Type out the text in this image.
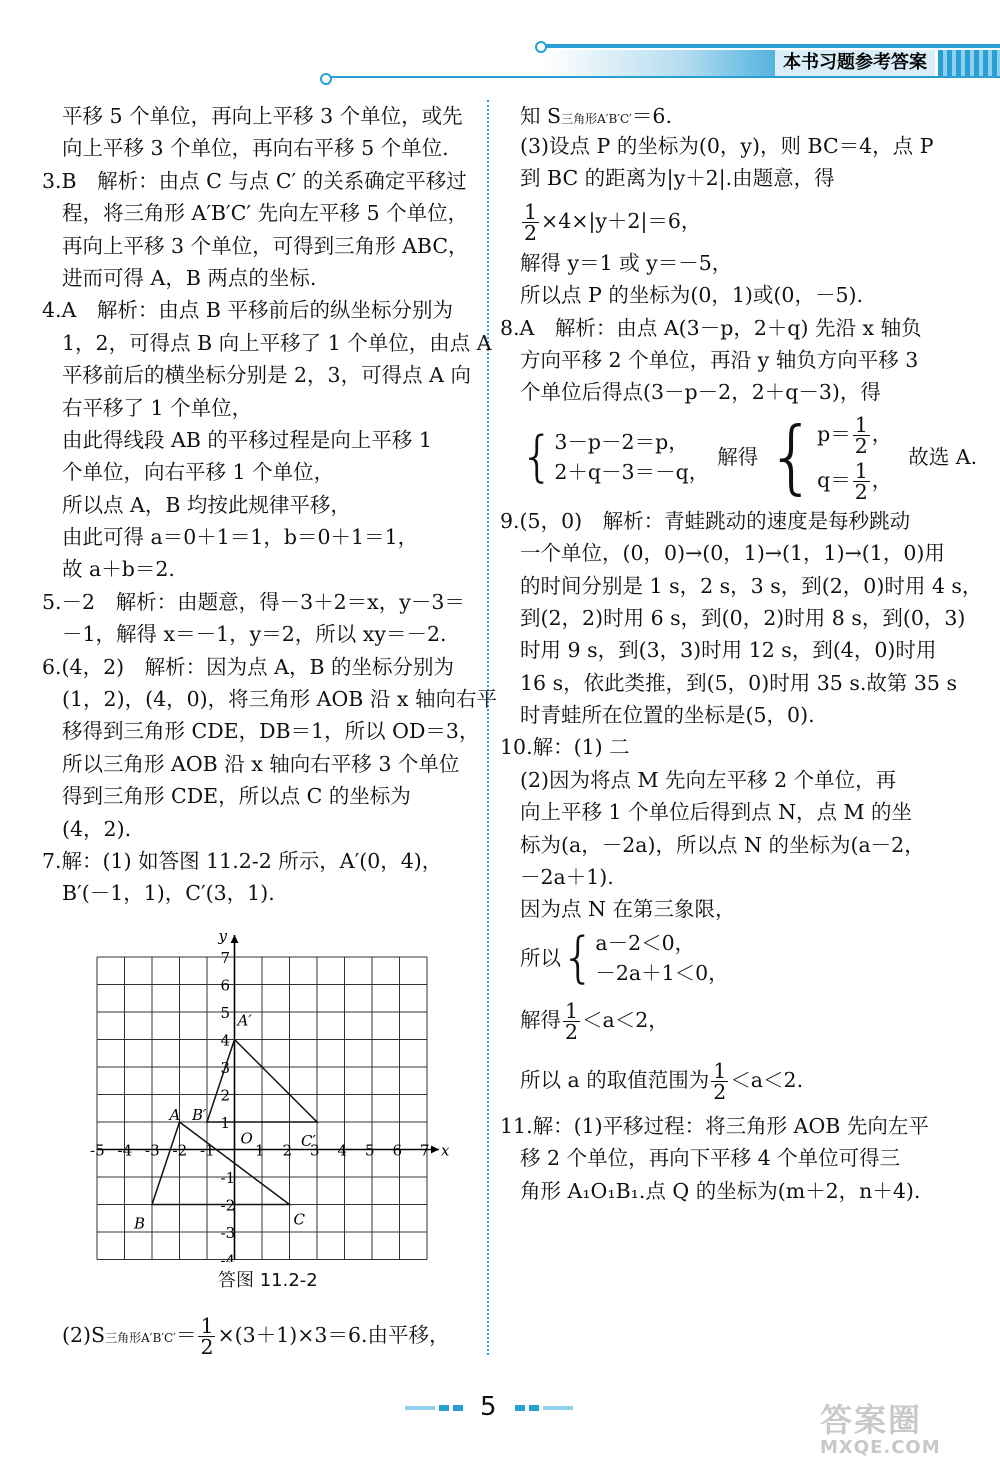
本书习题参考答案
平移 5 个单位，再向上平移 3 个单位，或先
向上平移 3 个单位，再向右平移 5 个单位.
3.B　解析：由点 C 与点 C′ 的关系确定平移过
程，将三角形 A′B′C′ 先向左平移 5 个单位，
再向上平移 3 个单位，可得到三角形 ABC，
进而可得 A，B 两点的坐标.
4.A　解析：由点 B 平移前后的纵坐标分别为
1，2，可得点 B 向上平移了 1 个单位，由点 A
平移前后的横坐标分别是 2，3，可得点 A 向
右平移了 1 个单位，
由此得线段 AB 的平移过程是向上平移 1
个单位，向右平移 1 个单位，
所以点 A，B 均按此规律平移，
由此可得 a＝0＋1＝1，b＝0＋1＝1，
故 a＋b＝2.
5.－2　解析：由题意，得－3＋2＝x，y－3＝
－1，解得 x＝－1，y＝2，所以 xy＝－2.
6.(4，2)　解析：因为点 A，B 的坐标分别为
(1，2)，(4，0)，将三角形 AOB 沿 x 轴向右平
移得到三角形 CDE，DB＝1，所以 OD＝3，
所以三角形 AOB 沿 x 轴向右平移 3 个单位
得到三角形 CDE，所以点 C 的坐标为
(4，2).
7.解：(1) 如答图 11.2-2 所示，A′(0，4)，
B′(－1，1)，C′(3，1).
-5 -4 -3 -2 -1	1 2 3 4 5 6 7
7
6
5
4
3
2
1
-1
-2
-3
-4
x
y
O
A
B	C
A′
B′
C′
答图 11.2-2
(2)S三角形$A'B'C'= \frac{1}{2} \times(3+1)\times 3=6$.由平移，
知 S三角形A′B′C′＝6.
(3)设点 P 的坐标为(0，y)，则 BC＝4，点 P
到 BC 的距离为|y＋2|.由题意，得
$\frac{1}{2} \times 4\times|y+2|=6$，
解得 y＝1 或 y＝－5，
所以点 P 的坐标为(0，1)或(0，－5).
8.A　解析：由点 A(3－p，2＋q) 先沿 x 轴负
方向平移 2 个单位，再沿 y 轴负方向平移 3
个单位后得点(3－p－2，2＋q－3)，得
{ 3－p－2＝p，
2＋q－3＝－q，
解得 { $p= \frac{1}{2}$ ，
$q= \frac{1}{2}$ ，
故选 A.
9.(5，0)　解析：青蛙跳动的速度是每秒跳动
一个单位，(0，0)→(0，1)→(1，1)→(1，0)用
的时间分别是 1 s，2 s，3 s，到(2，0)时用 4 s，
到(2，2)时用 6 s，到(0，2)时用 8 s，到(0，3)
时用 9 s，到(3，3)时用 12 s，到(4，0)时用
16 s，依此类推，到(5，0)时用 35 s.故第 35 s
时青蛙所在位置的坐标是(5，0).
10.解：(1) 二
(2)因为将点 M 先向左平移 2 个单位，再
向上平移 1 个单位后得到点 N，点 M 的坐
标为(a，－2a)，所以点 N 的坐标为(a－2，
－2a＋1).
因为点 N 在第三象限，
所以 { a－2＜0，
－2a＋1＜0，
解得 $\frac{1}{2} <a<2$，
所以 a 的取值范围为 $\frac{1}{2} <a<2$.
11.解：(1)平移过程：将三角形 AOB 先向左平
移 2 个单位，再向下平移 4 个单位可得三
角形 A₁O₁B₁.点 Q 的坐标为(m＋2，n＋4).
5	答案圈
MXQE.COM
